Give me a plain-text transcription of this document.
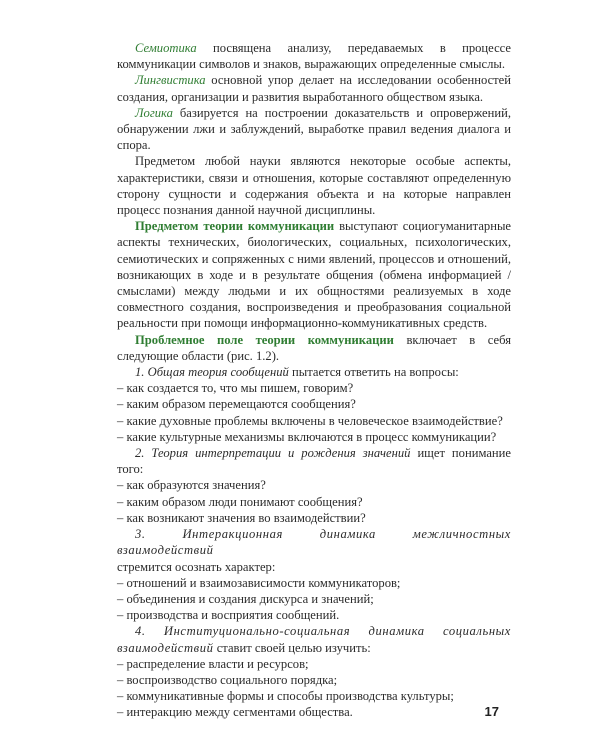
Семиотика посвящена анализу, передаваемых в процессе коммуникации символов и знаков, выражающих определенные смыслы.

Лингвистика основной упор делает на исследовании особенностей создания, организации и развития выработанного обществом языка.

Логика базируется на построении доказательств и опровержений, обнаружении лжи и заблуждений, выработке правил ведения диалога и спора.

Предметом любой науки являются некоторые особые аспекты, характеристики, связи и отношения, которые составляют определенную сторону сущности и содержания объекта и на которые направлен процесс познания данной научной дисциплины.

Предметом теории коммуникации выступают социогуманитарные аспекты технических, биологических, социальных, психологических, семиотических и сопряженных с ними явлений, процессов и отношений, возникающих в ходе и в результате общения (обмена информацией / смыслами) между людьми и их общностями реализуемых в ходе совместного создания, воспроизведения и преобразования социальной реальности при помощи информационно-коммуникативных средств.

Проблемное поле теории коммуникации включает в себя следующие области (рис. 1.2).

1. Общая теория сообщений пытается ответить на вопросы:

– как создается то, что мы пишем, говорим?

– каким образом перемещаются сообщения?

– какие духовные проблемы включены в человеческое взаимодействие?

– какие культурные механизмы включаются в процесс коммуникации?

2. Теория интерпретации и рождения значений ищет понимание того:

– как образуются значения?

– каким образом люди понимают сообщения?

– как возникают значения во взаимодействии?

3. Интеракционная динамика межличностных взаимодействий

стремится осознать характер:

– отношений и взаимозависимости коммуникаторов;

– объединения и создания дискурса и значений;

– производства и восприятия сообщений.

4. Институционально-социальная динамика социальных взаимодействий ставит своей целью изучить:

– распределение власти и ресурсов;

– воспроизводство социального порядка;

– коммуникативные формы и способы производства культуры;

– интеракцию между сегментами общества.	17
